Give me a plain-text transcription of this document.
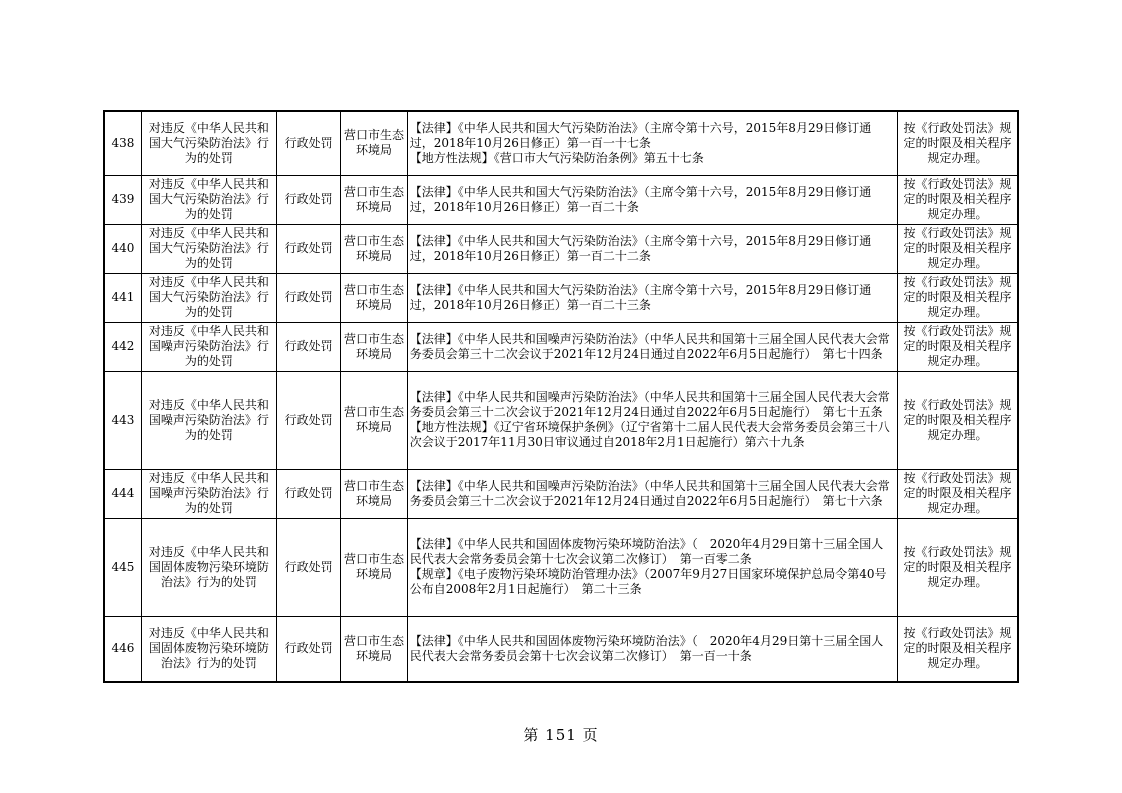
438	对违反《中华人民共和国大气污染防治法》行为的处罚	行政处罚	营口市生态环境局	【法律】《中华人民共和国大气污染防治法》（主席令第十六号，2015年8月29日修订通过，2018年10月26日修正）第一百一十七条
【地方性法规】《营口市大气污染防治条例》第五十七条	按《行政处罚法》规定的时限及相关程序规定办理。
439	对违反《中华人民共和国大气污染防治法》行为的处罚	行政处罚	营口市生态环境局	【法律】《中华人民共和国大气污染防治法》（主席令第十六号，2015年8月29日修订通过，2018年10月26日修正）第一百二十条	按《行政处罚法》规定的时限及相关程序规定办理。
440	对违反《中华人民共和国大气污染防治法》行为的处罚	行政处罚	营口市生态环境局	【法律】《中华人民共和国大气污染防治法》（主席令第十六号，2015年8月29日修订通过，2018年10月26日修正）第一百二十二条	按《行政处罚法》规定的时限及相关程序规定办理。
441	对违反《中华人民共和国大气污染防治法》行为的处罚	行政处罚	营口市生态环境局	【法律】《中华人民共和国大气污染防治法》（主席令第十六号，2015年8月29日修订通过，2018年10月26日修正）第一百二十三条	按《行政处罚法》规定的时限及相关程序规定办理。
442	对违反《中华人民共和国噪声污染防治法》行为的处罚	行政处罚	营口市生态环境局	【法律】《中华人民共和国噪声污染防治法》（中华人民共和国第十三届全国人民代表大会常务委员会第三十二次会议于2021年12月24日通过自2022年6月5日起施行）　第七十四条	按《行政处罚法》规定的时限及相关程序规定办理。
443	对违反《中华人民共和国噪声污染防治法》行为的处罚	行政处罚	营口市生态环境局	【法律】《中华人民共和国噪声污染防治法》（中华人民共和国第十三届全国人民代表大会常务委员会第三十二次会议于2021年12月24日通过自2022年6月5日起施行）　第七十五条
【地方性法规】《辽宁省环境保护条例》（辽宁省第十二届人民代表大会常务委员会第三十八次会议于2017年11月30日审议通过自2018年2月1日起施行）第六十九条	按《行政处罚法》规定的时限及相关程序规定办理。
444	对违反《中华人民共和国噪声污染防治法》行为的处罚	行政处罚	营口市生态环境局	【法律】《中华人民共和国噪声污染防治法》（中华人民共和国第十三届全国人民代表大会常务委员会第三十二次会议于2021年12月24日通过自2022年6月5日起施行）　第七十六条	按《行政处罚法》规定的时限及相关程序规定办理。
445	对违反《中华人民共和国固体废物污染环境防治法》行为的处罚	行政处罚	营口市生态环境局	【法律】《中华人民共和国固体废物污染环境防治法》（　2020年4月29日第十三届全国人民代表大会常务委员会第十七次会议第二次修订）　第一百零二条
【规章】《电子废物污染环境防治管理办法》（2007年9月27日国家环境保护总局令第40号公布自2008年2月1日起施行）　第二十三条	按《行政处罚法》规定的时限及相关程序规定办理。
446	对违反《中华人民共和国固体废物污染环境防治法》行为的处罚	行政处罚	营口市生态环境局	【法律】《中华人民共和国固体废物污染环境防治法》（　2020年4月29日第十三届全国人民代表大会常务委员会第十七次会议第二次修订）　第一百一十条	按《行政处罚法》规定的时限及相关程序规定办理。
第 151 页
